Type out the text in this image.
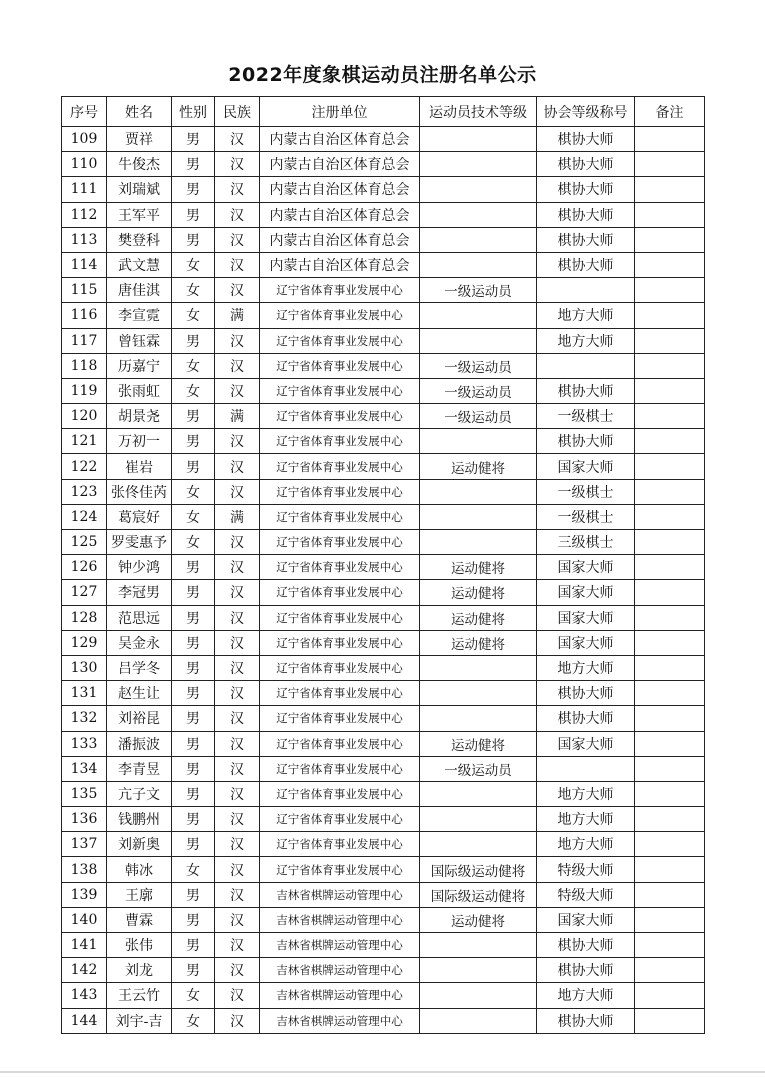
2022年度象棋运动员注册名单公示
序号	姓名	性别	民族	注册单位	运动员技术等级	协会等级称号	备注
109	贾祥	男	汉	内蒙古自治区体育总会		棋协大师	
110	牛俊杰	男	汉	内蒙古自治区体育总会		棋协大师	
111	刘瑞斌	男	汉	内蒙古自治区体育总会		棋协大师	
112	王军平	男	汉	内蒙古自治区体育总会		棋协大师	
113	樊登科	男	汉	内蒙古自治区体育总会		棋协大师	
114	武文慧	女	汉	内蒙古自治区体育总会		棋协大师	
115	唐佳淇	女	汉	辽宁省体育事业发展中心	一级运动员		
116	李宣霓	女	满	辽宁省体育事业发展中心		地方大师	
117	曾钰霖	男	汉	辽宁省体育事业发展中心		地方大师	
118	历嘉宁	女	汉	辽宁省体育事业发展中心	一级运动员		
119	张雨虹	女	汉	辽宁省体育事业发展中心	一级运动员	棋协大师	
120	胡景尧	男	满	辽宁省体育事业发展中心	一级运动员	一级棋士	
121	万初一	男	汉	辽宁省体育事业发展中心		棋协大师	
122	崔岩	男	汉	辽宁省体育事业发展中心	运动健将	国家大师	
123	张佟佳芮	女	汉	辽宁省体育事业发展中心		一级棋士	
124	葛宸好	女	满	辽宁省体育事业发展中心		一级棋士	
125	罗雯惠予	女	汉	辽宁省体育事业发展中心		三级棋士	
126	钟少鸿	男	汉	辽宁省体育事业发展中心	运动健将	国家大师	
127	李冠男	男	汉	辽宁省体育事业发展中心	运动健将	国家大师	
128	范思远	男	汉	辽宁省体育事业发展中心	运动健将	国家大师	
129	吴金永	男	汉	辽宁省体育事业发展中心	运动健将	国家大师	
130	吕学冬	男	汉	辽宁省体育事业发展中心		地方大师	
131	赵生让	男	汉	辽宁省体育事业发展中心		棋协大师	
132	刘裕昆	男	汉	辽宁省体育事业发展中心		棋协大师	
133	潘振波	男	汉	辽宁省体育事业发展中心	运动健将	国家大师	
134	李青昱	男	汉	辽宁省体育事业发展中心	一级运动员		
135	亢子文	男	汉	辽宁省体育事业发展中心		地方大师	
136	钱鹏州	男	汉	辽宁省体育事业发展中心		地方大师	
137	刘新奥	男	汉	辽宁省体育事业发展中心		地方大师	
138	韩冰	女	汉	辽宁省体育事业发展中心	国际级运动健将	特级大师	
139	王廓	男	汉	吉林省棋牌运动管理中心	国际级运动健将	特级大师	
140	曹霖	男	汉	吉林省棋牌运动管理中心	运动健将	国家大师	
141	张伟	男	汉	吉林省棋牌运动管理中心		棋协大师	
142	刘龙	男	汉	吉林省棋牌运动管理中心		棋协大师	
143	王云竹	女	汉	吉林省棋牌运动管理中心		地方大师	
144	刘宇-吉	女	汉	吉林省棋牌运动管理中心		棋协大师	
